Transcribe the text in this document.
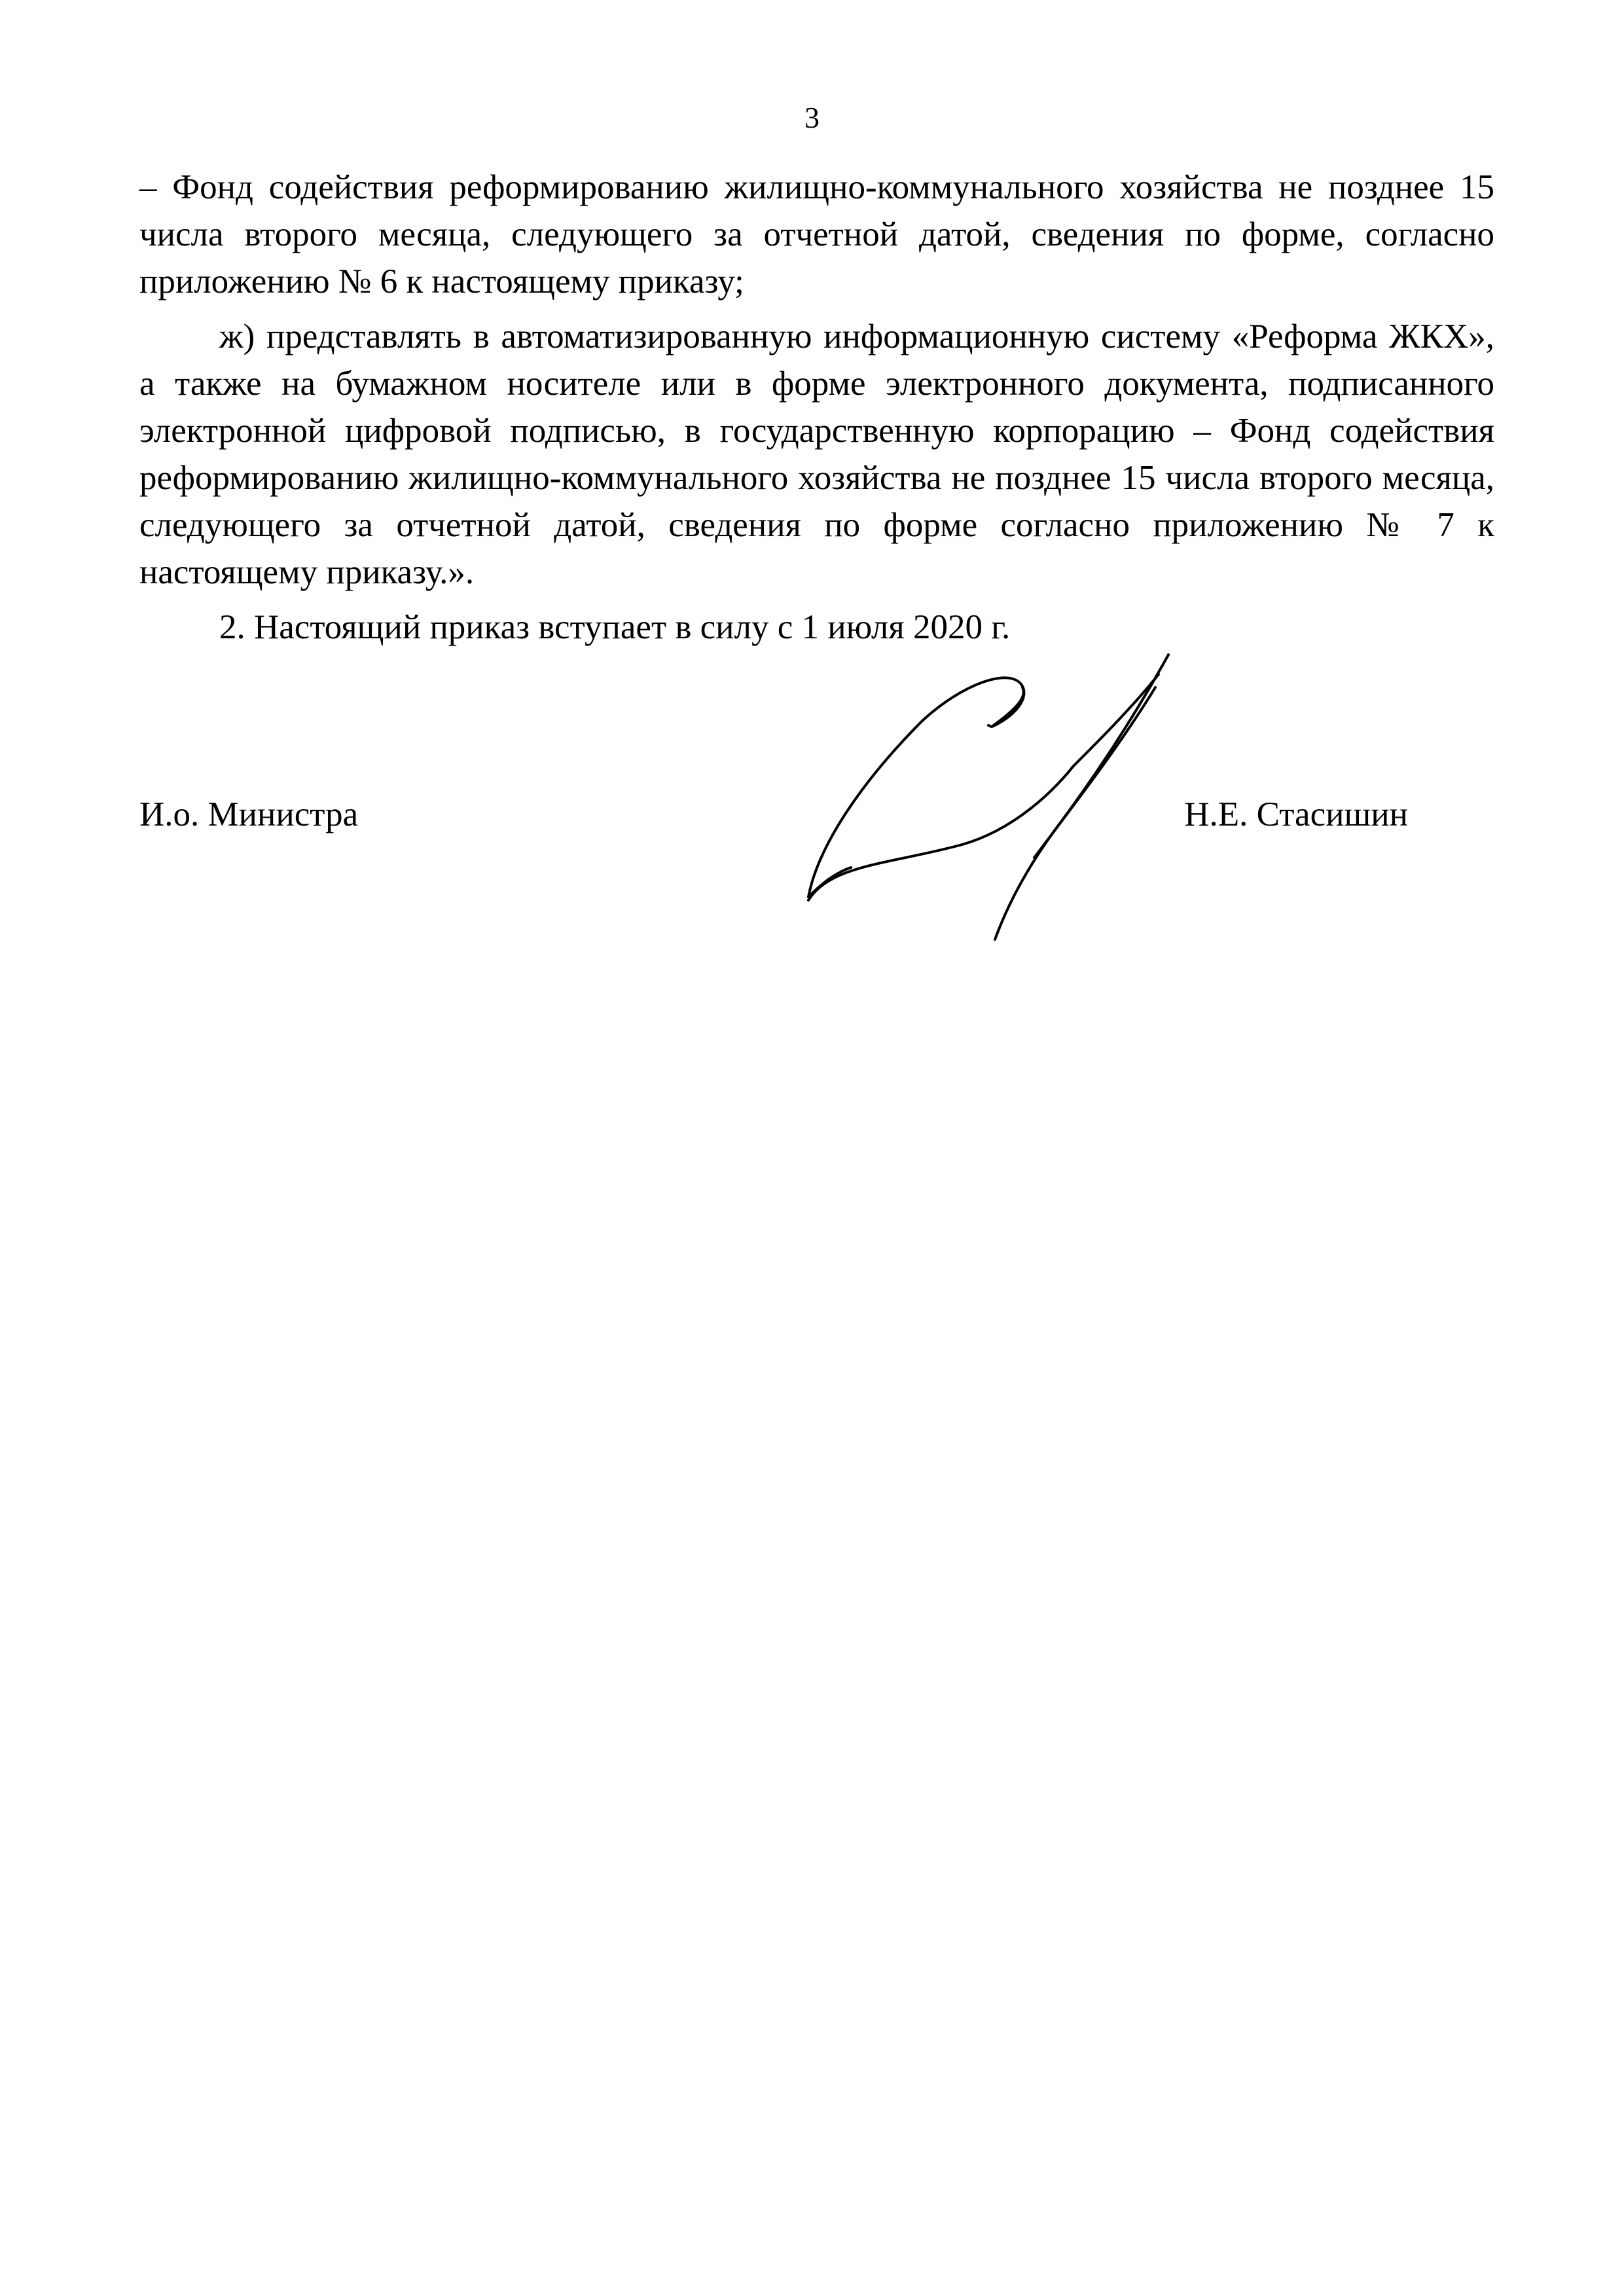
3

– Фонд содействия реформированию жилищно-коммунального хозяйства не позднее 15 числа второго месяца, следующего за отчетной датой, сведения по форме, согласно приложению № 6 к настоящему приказу;

ж) представлять в автоматизированную информационную систему «Реформа ЖКХ», а также на бумажном носителе или в форме электронного документа, подписанного электронной цифровой подписью, в государственную корпорацию – Фонд содействия реформированию жилищно-коммунального хозяйства не позднее 15 числа второго месяца, следующего за отчетной датой, сведения по форме согласно приложению № 7 к настоящему приказу.».

2. Настоящий приказ вступает в силу с 1 июля 2020 г.

И.о. Министра	Н.Е. Стасишин
